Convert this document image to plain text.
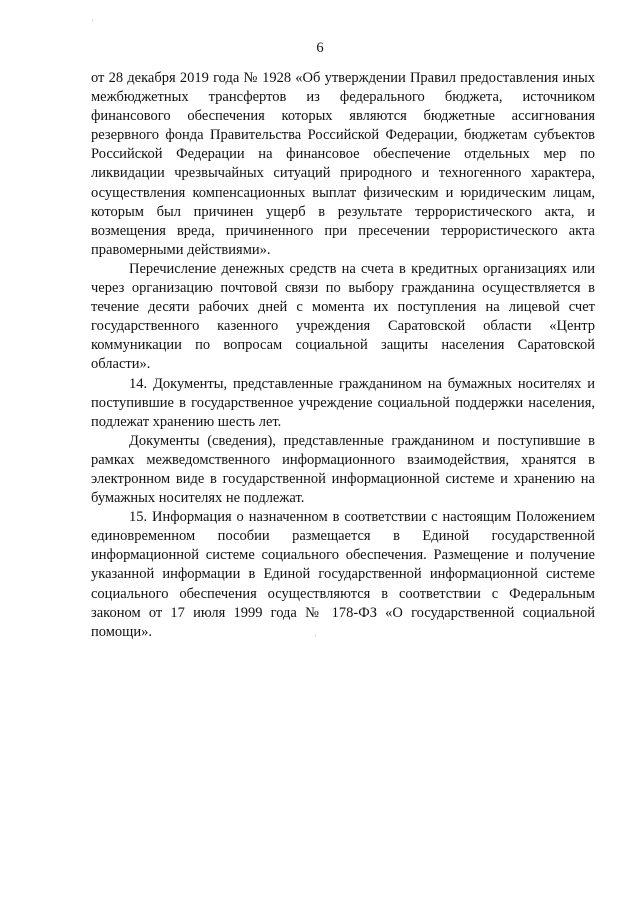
6

от 28 декабря 2019 года № 1928 «Об утверждении Правил предоставления иных межбюджетных трансфертов из федерального бюджета, источником финансового обеспечения которых являются бюджетные ассигнования резервного фонда Правительства Российской Федерации, бюджетам субъектов Российской Федерации на финансовое обеспечение отдельных мер по ликвидации чрезвычайных ситуаций природного и техногенного характера, осуществления компенсационных выплат физическим и юридическим лицам, которым был причинен ущерб в результате террористического акта, и возмещения вреда, причиненного при пресечении террористического акта правомерными действиями».

Перечисление денежных средств на счета в кредитных организациях или через организацию почтовой связи по выбору гражданина осуществляется в течение десяти рабочих дней с момента их поступления на лицевой счет государственного казенного учреждения Саратовской области «Центр коммуникации по вопросам социальной защиты населения Саратовской области».

14. Документы, представленные гражданином на бумажных носителях и поступившие в государственное учреждение социальной поддержки населения, подлежат хранению шесть лет.

Документы (сведения), представленные гражданином и поступившие в рамках межведомственного информационного взаимодействия, хранятся в электронном виде в государственной информационной системе и хранению на бумажных носителях не подлежат.

15. Информация о назначенном в соответствии с настоящим Положением единовременном пособии размещается в Единой государственной информационной системе социального обеспечения. Размещение и получение указанной информации в Единой государственной информационной системе социального обеспечения осуществляются в соответствии с Федеральным законом от 17 июля 1999 года № 178-ФЗ «О государственной социальной помощи».
